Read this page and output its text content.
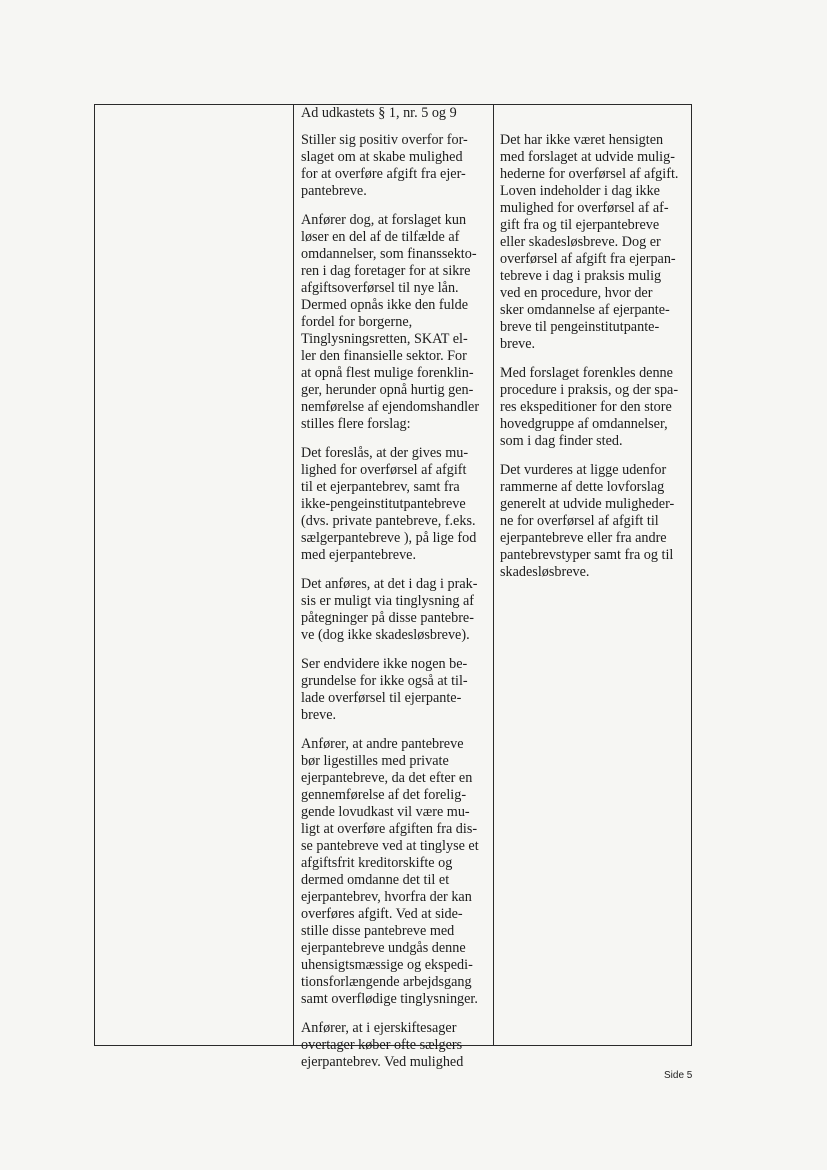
Ad udkastets § 1, nr. 5 og 9

Stiller sig positiv overfor for-
slaget om at skabe mulighed
for at overføre afgift fra ejer-
pantebreve.

Anfører dog, at forslaget kun
løser en del af de tilfælde af
omdannelser, som finanssekto-
ren i dag foretager for at sikre
afgiftsoverførsel til nye lån.
Dermed opnås ikke den fulde
fordel for borgerne,
Tinglysningsretten, SKAT el-
ler den finansielle sektor. For
at opnå flest mulige forenklin-
ger, herunder opnå hurtig gen-
nemførelse af ejendomshandler
stilles flere forslag:

Det foreslås, at der gives mu-
lighed for overførsel af afgift
til et ejerpantebrev, samt fra
ikke-pengeinstitutpantebreve
(dvs. private pantebreve, f.eks.
sælgerpantebreve ), på lige fod
med ejerpantebreve.

Det anføres, at det i dag i prak-
sis er muligt via tinglysning af
påtegninger på disse pantebre-
ve (dog ikke skadesløsbreve).

Ser endvidere ikke nogen be-
grundelse for ikke også at til-
lade overførsel til ejerpante-
breve.

Anfører, at andre pantebreve
bør ligestilles med private
ejerpantebreve, da det efter en
gennemførelse af det forelig-
gende lovudkast vil være mu-
ligt at overføre afgiften fra dis-
se pantebreve ved at tinglyse et
afgiftsfrit kreditorskifte og
dermed omdanne det til et
ejerpantebrev, hvorfra der kan
overføres afgift. Ved at side-
stille disse pantebreve med
ejerpantebreve undgås denne
uhensigtsmæssige og ekspedi-
tionsforlængende arbejdsgang
samt overflødige tinglysninger.

Anfører, at i ejerskiftesager
overtager køber ofte sælgers
ejerpantebrev. Ved mulighed

Det har ikke været hensigten
med forslaget at udvide mulig-
hederne for overførsel af afgift.
Loven indeholder i dag ikke
mulighed for overførsel af af-
gift fra og til ejerpantebreve
eller skadesløsbreve. Dog er
overførsel af afgift fra ejerpan-
tebreve i dag i praksis mulig
ved en procedure, hvor der
sker omdannelse af ejerpante-
breve til pengeinstitutpante-
breve.

Med forslaget forenkles denne
procedure i praksis, og der spa-
res ekspeditioner for den store
hovedgruppe af omdannelser,
som i dag finder sted.

Det vurderes at ligge udenfor
rammerne af dette lovforslag
generelt at udvide muligheder-
ne for overførsel af afgift til
ejerpantebreve eller fra andre
pantebrevstyper samt fra og til
skadesløsbreve.

Side 5
